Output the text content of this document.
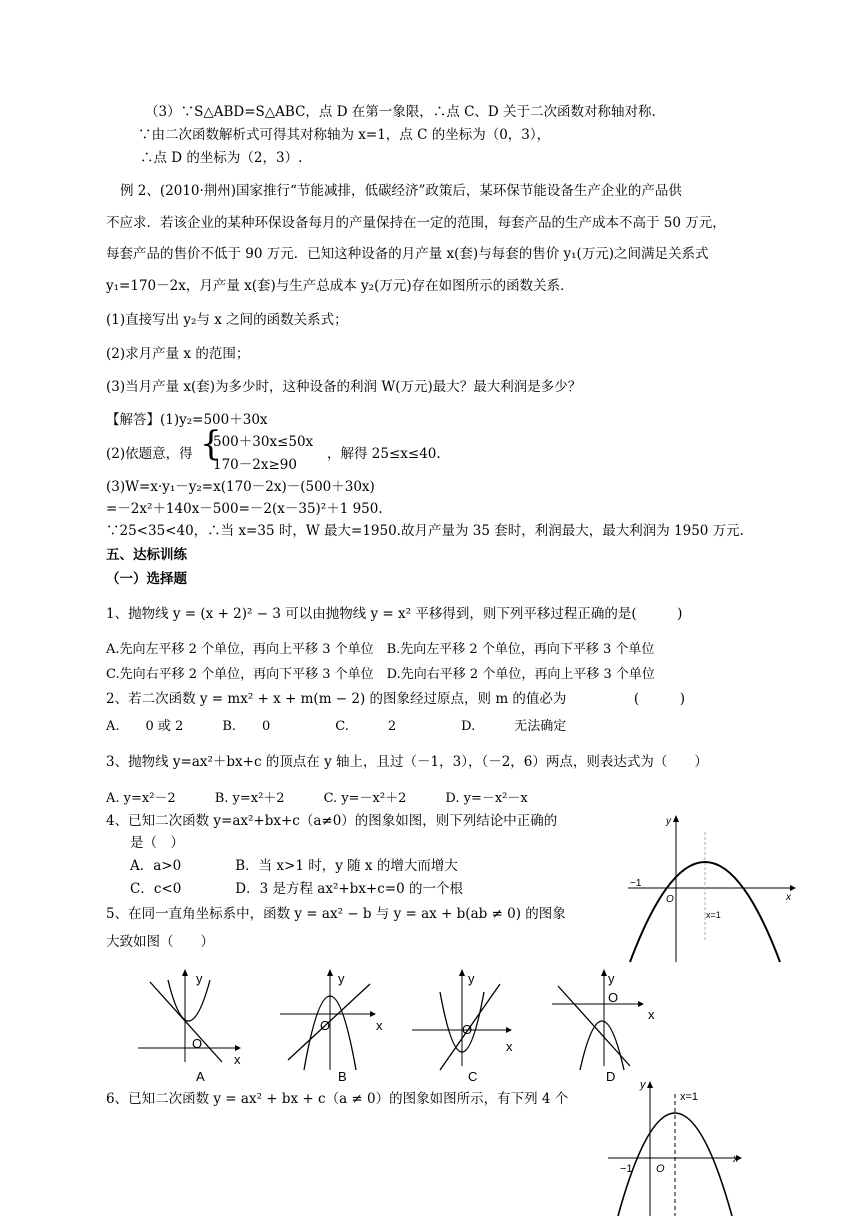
（3）∵S△ABD=S△ABC，点 D 在第一象限，∴点 C、D 关于二次函数对称轴对称.
∵由二次函数解析式可得其对称轴为 x=1，点 C 的坐标为（0，3），
∴点 D 的坐标为（2，3）.
例 2、(2010·荆州)国家推行“节能减排，低碳经济”政策后，某环保节能设备生产企业的产品供
不应求．若该企业的某种环保设备每月的产量保持在一定的范围，每套产品的生产成本不高于 50 万元，
每套产品的售价不低于 90 万元．已知这种设备的月产量 x(套)与每套的售价 y₁(万元)之间满足关系式
y₁=170－2x，月产量 x(套)与生产总成本 y₂(万元)存在如图所示的函数关系．
(1)直接写出 y₂与 x 之间的函数关系式；
(2)求月产量 x 的范围；
(3)当月产量 x(套)为多少时，这种设备的利润 W(万元)最大？最大利润是多少？
【解答】(1)y₂=500＋30x
(2)依题意，得 {
500＋30x≤50x
170－2x≥90
，解得 25≤x≤40.
(3)W=x·y₁－y₂=x(170－2x)－(500＋30x)
=－2x²＋140x－500=－2(x－35)²＋1 950.
∵25<35<40，∴当 x=35 时，W 最大=1950.故月产量为 35 套时，利润最大，最大利润为 1950 万元.
五、达标训练
（一）选择题
1、抛物线 y = (x + 2)² − 3 可以由抛物线 y = x² 平移得到，则下列平移过程正确的是(　　　)
A.先向左平移 2 个单位，再向上平移 3 个单位　B.先向左平移 2 个单位，再向下平移 3 个单位
C.先向右平移 2 个单位，再向下平移 3 个单位　D.先向右平移 2 个单位，再向上平移 3 个单位
2、若二次函数 y = mx² + x + m(m − 2) 的图象经过原点，则 m 的值必为　　　　　(　　　)
A.　　0 或 2　　　B.　　0　　　　　C.　　　2　　　　　D.　　　无法确定
3、抛物线 y=ax²＋bx+c 的顶点在 y 轴上，且过（－1，3），（－2，6）两点，则表达式为（　　）
A. y=x²－2　　　B. y=x²＋2　　　C. y=－x²＋2　　　D. y=－x²－x
4、已知二次函数 y=ax²+bx+c（a≠0）的图象如图，则下列结论中正确的
是（　）
A．a>0　　　　B．当 x>1 时，y 随 x 的增大而增大
C．c<0　　　　D．3 是方程 ax²+bx+c=0 的一个根
5、在同一直角坐标系中，函数 y = ax² − b 与 y = ax + b(ab ≠ 0) 的图象
大致如图（　　）
6、已知二次函数 y = ax² + bx + c（a ≠ 0）的图象如图所示，有下列 4 个
y
x
O
−1
x=1
y
x
O
A
y
x
O
B
y
x
O
C
y
x
O
D
y
x
O
−1
x=1
